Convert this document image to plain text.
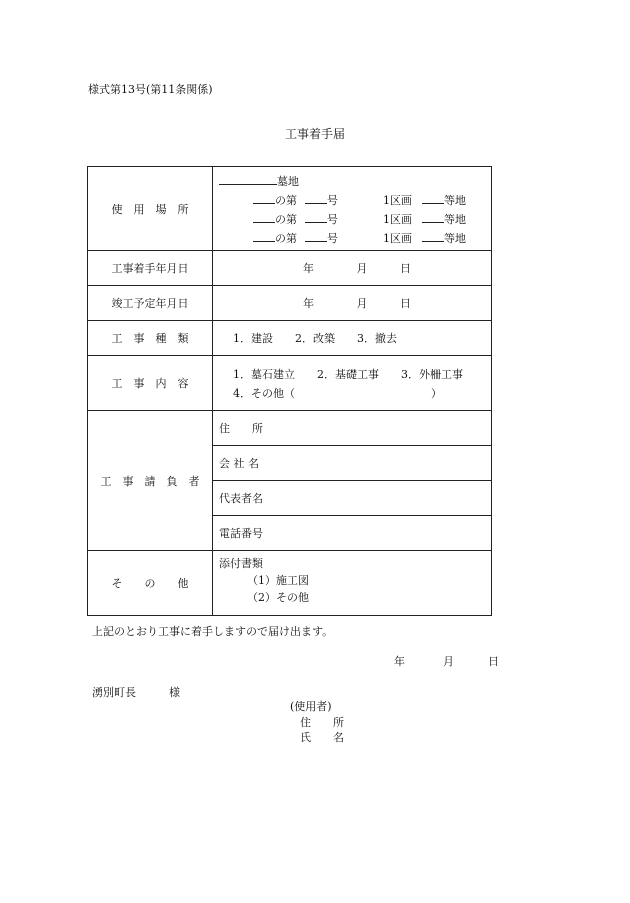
様式第13号(第11条関係)
工事着手届
使　用　場　所	墓地
の第 号 1区画 等地
の第 号 1区画 等地
の第 号 1区画 等地

工事着手年月日	年 月 日
竣工予定年月日	年 月 日
工　事　種　類	1．建設　　2．改築　　3．撤去
工　事　内　容	1．墓石建立　　2．基礎工事　　3．外柵工事
4．その他（ ）

工　事　請　負　者	住　　所
	会 社 名
	代表者名
	電話番号
そ　　の　　他	添付書類
（1）施工図
（2）その他
上記のとおり工事に着手しますので届け出ます。
年	月	日
湧別町長　　　様
(使用者)
住　　所
氏　　名
